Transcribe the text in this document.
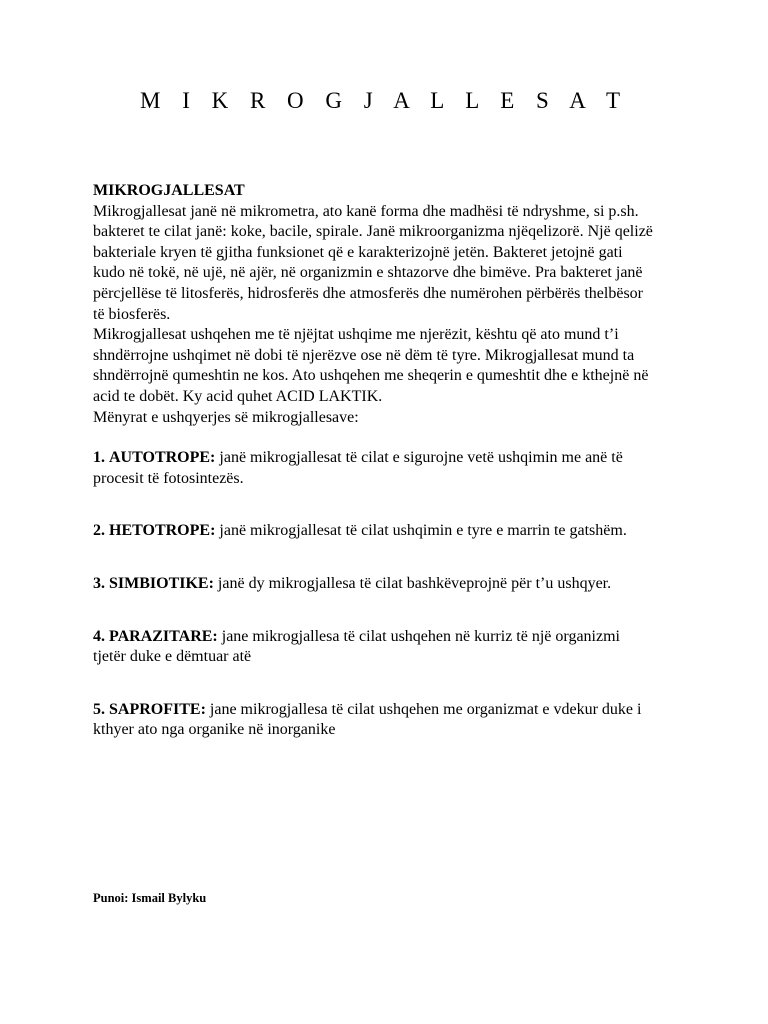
M I K R O G J A L L E S A T

MIKROGJALLESAT

Mikrogjallesat janë në mikrometra, ato kanë forma dhe madhësi të ndryshme, si p.sh. bakteret te cilat janë: koke, bacile, spirale. Janë mikroorganizma njëqelizorë. Një qelizë bakteriale kryen të gjitha funksionet që e karakterizojnë jetën. Bakteret jetojnë gati kudo në tokë, në ujë, në ajër, në organizmin e shtazorve dhe bimëve. Pra bakteret janë përcjellëse të litosferës, hidrosferës dhe atmosferës dhe numërohen përbërës thelbësor të biosferës.

Mikrogjallesat ushqehen me të njëjtat ushqime me njerëzit, kështu që ato mund t’i shndërrojne ushqimet në dobi të njerëzve ose në dëm të tyre. Mikrogjallesat mund ta shndërrojnë qumeshtin ne kos. Ato ushqehen me sheqerin e qumeshtit dhe e kthejnë në acid te dobët. Ky acid quhet ACID LAKTIK.

Mënyrat e ushqyerjes së mikrogjallesave:

1. AUTOTROPE: janë mikrogjallesat të cilat e sigurojne vetë ushqimin me anë të procesit të fotosintezës.
2. HETOTROPE: janë mikrogjallesat të cilat ushqimin e tyre e marrin te gatshëm.
3. SIMBIOTIKE: janë dy mikrogjallesa të cilat bashkëveprojnë për t’u ushqyer.
4. PARAZITARE: jane mikrogjallesa të cilat ushqehen në kurriz të një organizmi tjetër duke e dëmtuar atë
5. SAPROFITE: jane mikrogjallesa të cilat ushqehen me organizmat e vdekur duke i kthyer ato nga organike në inorganike

Punoi: Ismail Bylyku
